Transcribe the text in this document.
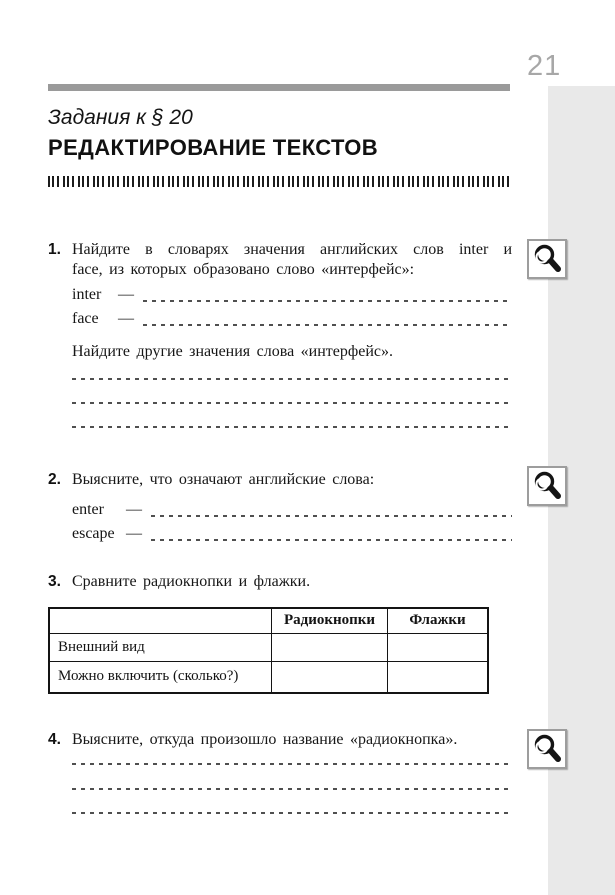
21
Задания к § 20
РЕДАКТИРОВАНИЕ ТЕКСТОВ
1. Найдите в словарях значения английских слов inter и
face, из которых образовано слово «интерфейс»:

inter	—
face	—

Найдите другие значения слова «интерфейс».

2. Выясните, что означают английские слова:

enter	—
escape —
3. Сравните радиокнопки и флажки.

	Радиокнопки	Флажки
Внешний вид		
Можно включить (сколько?)		
4. Выясните, откуда произошло название «радиокнопка».
